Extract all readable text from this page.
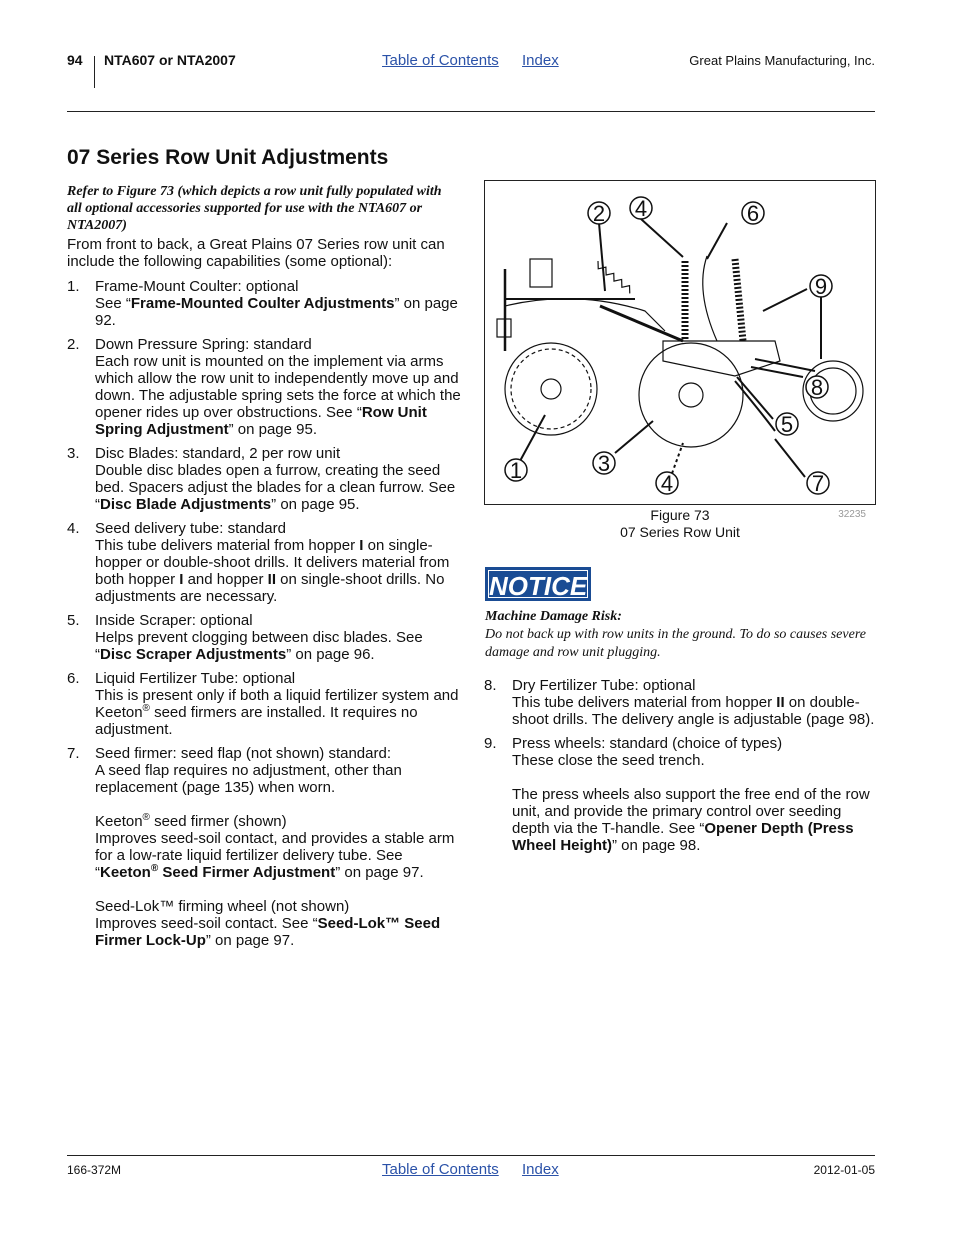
94 NTA607 or NTA2007	Table of Contents Index	Great Plains Manufacturing, Inc.
07 Series Row Unit Adjustments
Refer to Figure 73 (which depicts a row unit fully populated with all optional accessories supported for use with the NTA607 or NTA2007)
From front to back, a Great Plains 07 Series row unit can include the following capabilities (some optional):
1. Frame-Mount Coulter: optional

See “Frame-Mounted Coulter Adjustments” on page 92.

2. Down Pressure Spring: standard

Each row unit is mounted on the implement via arms which allow the row unit to independently move up and down. The adjustable spring sets the force at which the opener rides up over obstructions. See “Row Unit Spring Adjustment” on page 95.

3. Disc Blades: standard, 2 per row unit

Double disc blades open a furrow, creating the seed bed. Spacers adjust the blades for a clean furrow. See “Disc Blade Adjustments” on page 95.

4. Seed delivery tube: standard

This tube delivers material from hopper I on single-hopper or double-shoot drills. It delivers material from both hopper I and hopper II on single-shoot drills. No adjustments are necessary.

5. Inside Scraper: optional

Helps prevent clogging between disc blades. See “Disc Scraper Adjustments” on page 96.

6. Liquid Fertilizer Tube: optional

This is present only if both a liquid fertilizer system and Keeton® seed firmers are installed. It requires no adjustment.

7. Seed firmer: seed flap (not shown) standard:

A seed flap requires no adjustment, other than replacement (page 135) when worn.

Keeton® seed firmer (shown)

Improves seed-soil contact, and provides a stable arm for a low-rate liquid fertilizer delivery tube. See “Keeton® Seed Firmer Adjustment” on page 97.

Seed-Lok™ firming wheel (not shown)

Improves seed-soil contact. See “Seed-Lok™ Seed Firmer Lock-Up” on page 97.

2 4	6
9
8
5
1	3
4	7
Figure 73
07 Series Row Unit
32235
NOTICE
Machine Damage Risk:
Do not back up with row units in the ground. To do so causes severe damage and row unit plugging.
8. Dry Fertilizer Tube: optional

This tube delivers material from hopper II on double-shoot drills. The delivery angle is adjustable (page 98).

9. Press wheels: standard (choice of types)

These close the seed trench.

The press wheels also support the free end of the row unit, and provide the primary control over seeding depth via the T-handle. See “Opener Depth (Press Wheel Height)” on page 98.

166-372M	Table of Contents Index	2012-01-05
